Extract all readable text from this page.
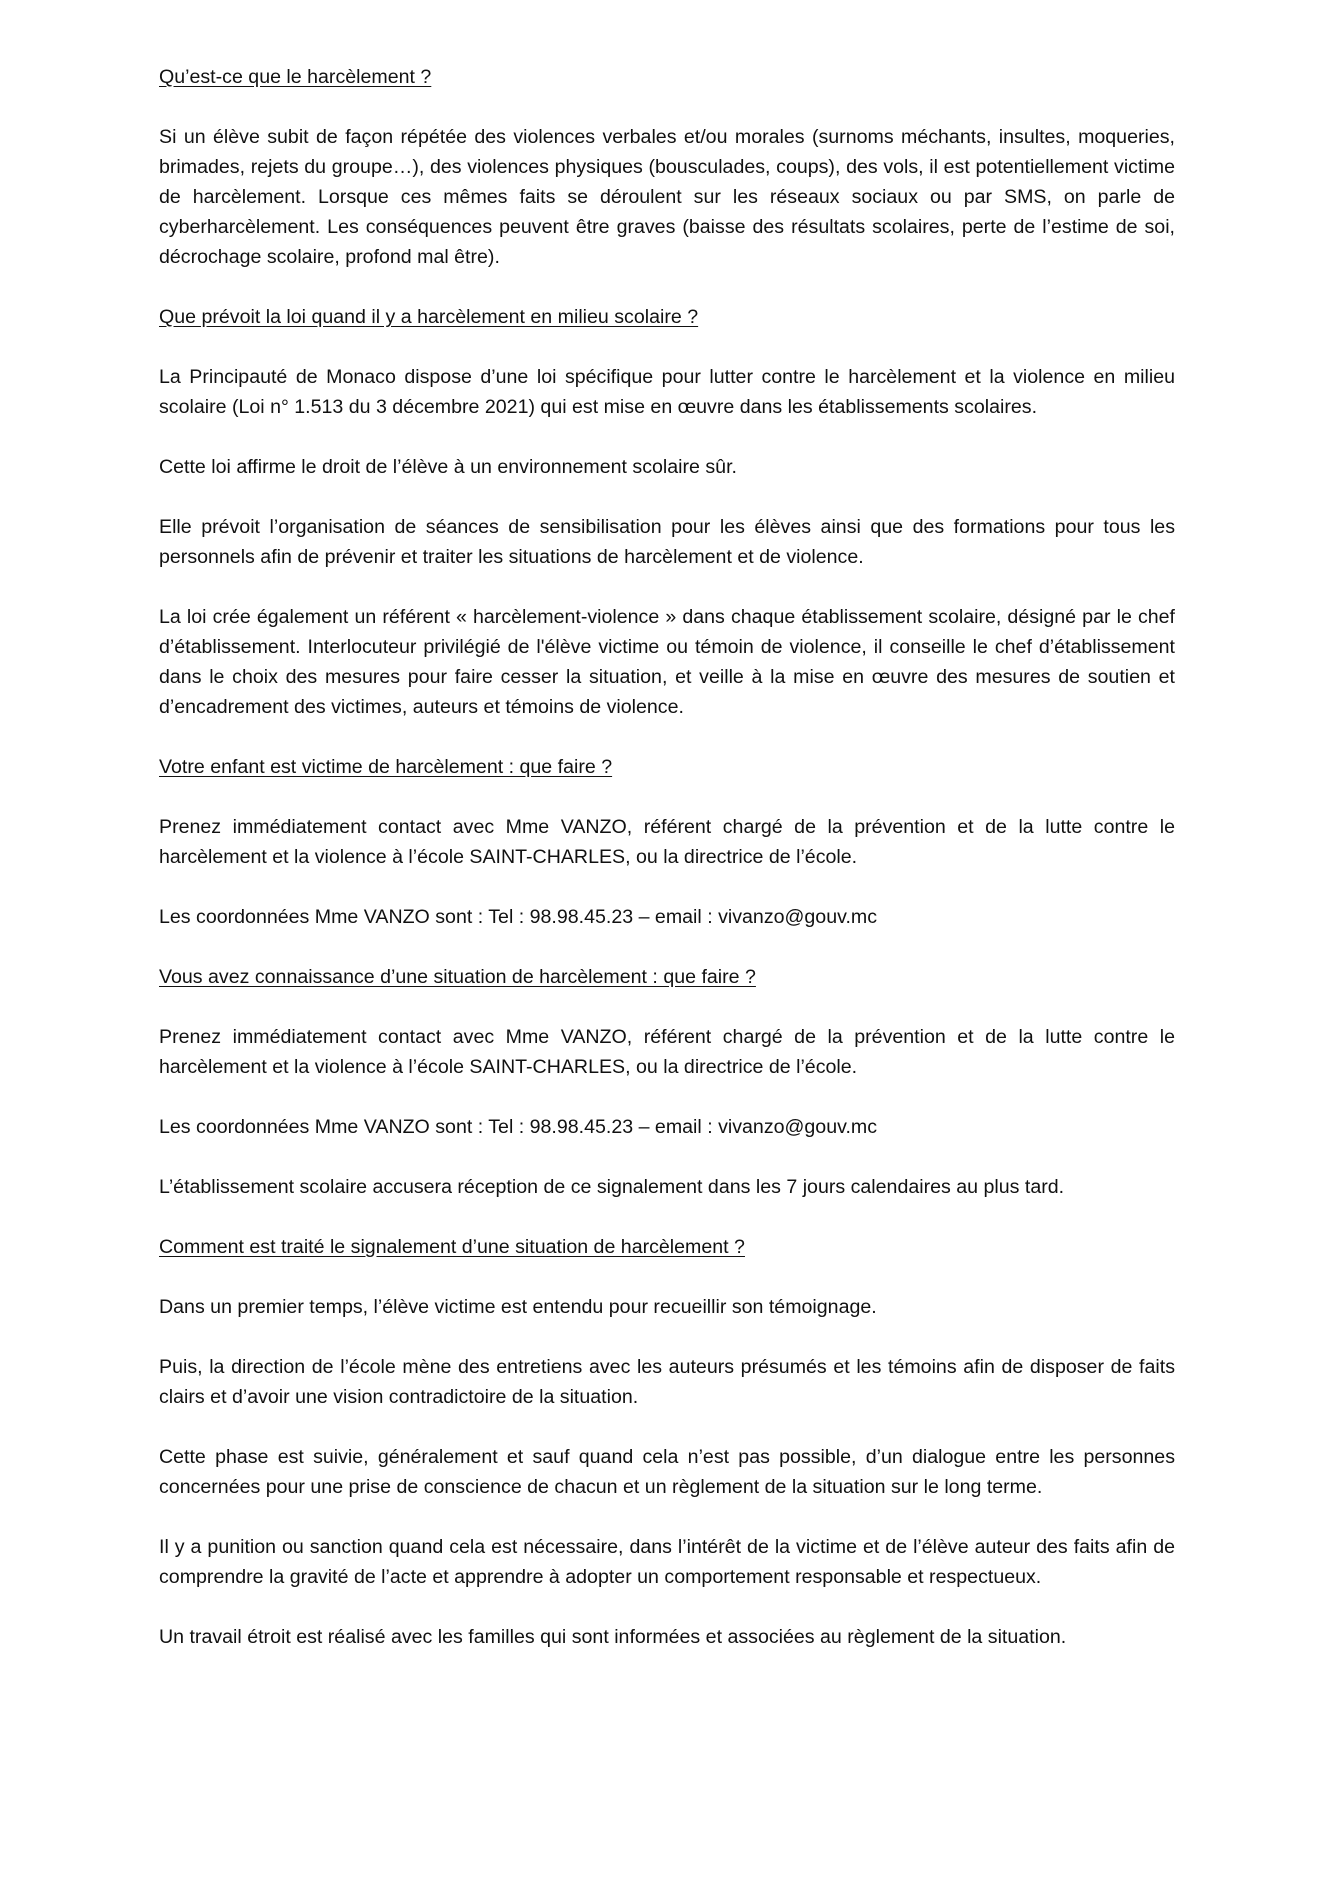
Qu’est-ce que le harcèlement ?

Si un élève subit de façon répétée des violences verbales et/ou morales (surnoms méchants, insultes, moqueries, brimades, rejets du groupe…), des violences physiques (bousculades, coups), des vols, il est potentiellement victime de harcèlement. Lorsque ces mêmes faits se déroulent sur les réseaux sociaux ou par SMS, on parle de cyberharcèlement. Les conséquences peuvent être graves (baisse des résultats scolaires, perte de l’estime de soi, décrochage scolaire, profond mal être).

Que prévoit la loi quand il y a harcèlement en milieu scolaire ?

La Principauté de Monaco dispose d’une loi spécifique pour lutter contre le harcèlement et la violence en milieu scolaire (Loi n° 1.513 du 3 décembre 2021) qui est mise en œuvre dans les établissements scolaires.

Cette loi affirme le droit de l’élève à un environnement scolaire sûr.

Elle prévoit l’organisation de séances de sensibilisation pour les élèves ainsi que des formations pour tous les personnels afin de prévenir et traiter les situations de harcèlement et de violence.

La loi crée également un référent « harcèlement-violence » dans chaque établissement scolaire, désigné par le chef d’établissement. Interlocuteur privilégié de l'élève victime ou témoin de violence, il conseille le chef d’établissement dans le choix des mesures pour faire cesser la situation, et veille à la mise en œuvre des mesures de soutien et d’encadrement des victimes, auteurs et témoins de violence.

Votre enfant est victime de harcèlement : que faire ?

Prenez immédiatement contact avec Mme VANZO, référent chargé de la prévention et de la lutte contre le harcèlement et la violence à l’école SAINT-CHARLES, ou la directrice de l’école.

Les coordonnées Mme VANZO sont : Tel : 98.98.45.23 – email : vivanzo@gouv.mc

Vous avez connaissance d’une situation de harcèlement : que faire ?

Prenez immédiatement contact avec Mme VANZO, référent chargé de la prévention et de la lutte contre le harcèlement et la violence à l’école SAINT-CHARLES, ou la directrice de l’école.

Les coordonnées Mme VANZO sont : Tel : 98.98.45.23 – email : vivanzo@gouv.mc

L’établissement scolaire accusera réception de ce signalement dans les 7 jours calendaires au plus tard.

Comment est traité le signalement d’une situation de harcèlement ?

Dans un premier temps, l’élève victime est entendu pour recueillir son témoignage.

Puis, la direction de l’école mène des entretiens avec les auteurs présumés et les témoins afin de disposer de faits clairs et d’avoir une vision contradictoire de la situation.

Cette phase est suivie, généralement et sauf quand cela n’est pas possible, d’un dialogue entre les personnes concernées pour une prise de conscience de chacun et un règlement de la situation sur le long terme.

Il y a punition ou sanction quand cela est nécessaire, dans l’intérêt de la victime et de l’élève auteur des faits afin de comprendre la gravité de l’acte et apprendre à adopter un comportement responsable et respectueux.

Un travail étroit est réalisé avec les familles qui sont informées et associées au règlement de la situation.
